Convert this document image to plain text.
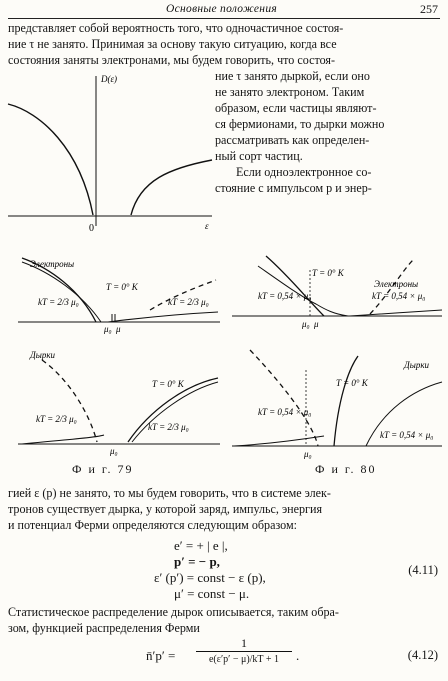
Основные положения	257
представляет собой вероятность того, что одночастичное состоя-
ние τ не занято. Принимая за основу такую ситуацию, когда все
состояния заняты электронами, мы будем говорить, что состоя-
ние τ занято дыркой, если оно
не занято электроном. Таким
образом, если частицы являют-
ся фермионами, то дырки можно
рассматривать как определен-
ный сорт частиц.
Если одноэлектронное со-
стояние с импульсом p и энер-
D(ε)
0	ε
Электроны
T = 0° К
kT = 2/3 μ₀	kT = 2/3 μ₀
μ₀ μ
Дырки
T = 0° К
kT = 2/3 μ₀
kT = 2/3 μ₀
μ₀
Ф и г. 79
Электроны
T = 0° K
kT = 0,54 × μ₀	kT = 0,54 × μ₀
μ₀ μ
Дырки
T = 0° K
kT = 0,54 × μ₀
kT = 0,54 × μ₀
μ₀
Ф и г. 80
гией ε (p) не занято, то мы будем говорить, что в системе элек-
тронов существует дырка, у которой заряд, импульс, энергия
и потенциал Ферми определяются следующим образом:
e′ = + | e |,
p′ = − p,
ε′ (p′) = const − ε (p),
μ′ = const − μ.
(4.11)
Статистическое распределение дырок описывается, таким обра-
зом, функцией распределения Ферми
n̄′p′ =
1
e(ε′p′ − μ)/kT + 1	.	(4.12)
